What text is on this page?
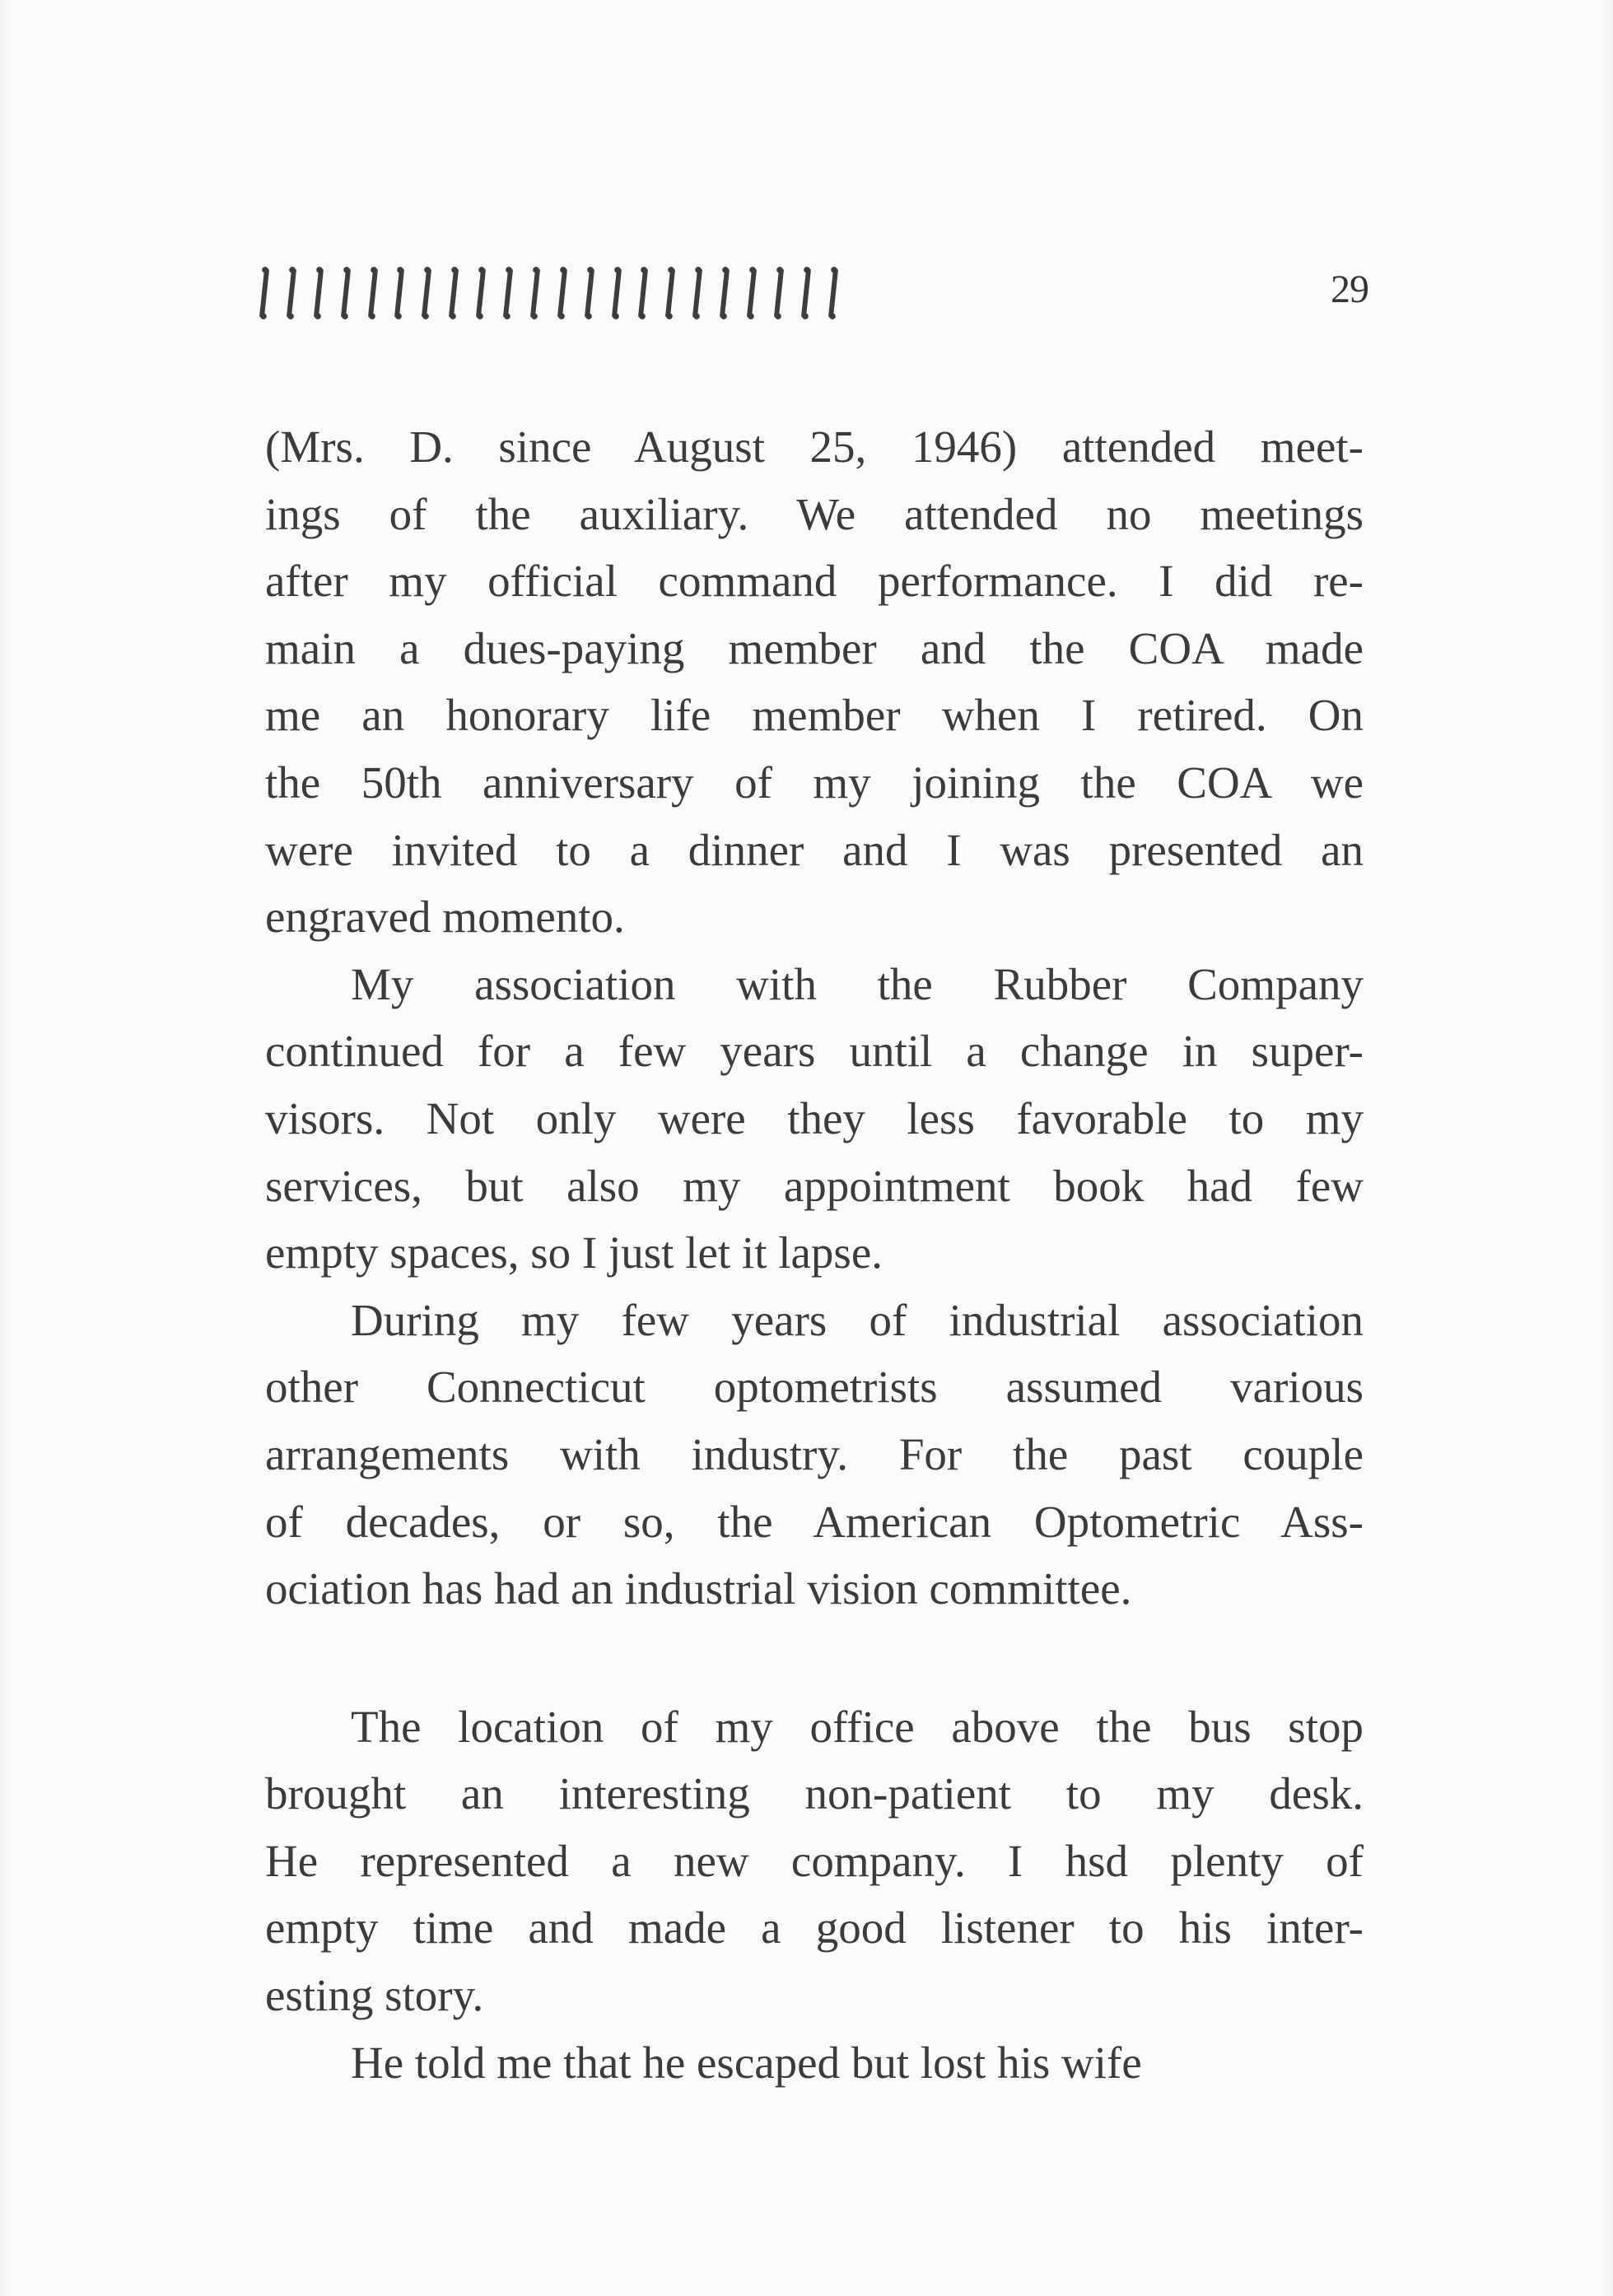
29
(Mrs. D. since August 25, 1946) attended meet-
ings of the auxiliary. We attended no meetings
after my official command performance. I did re-
main a dues-paying member and the COA made
me an honorary life member when I retired. On
the 50th anniversary of my joining the COA we
were invited to a dinner and I was presented an
engraved momento.
My association with the Rubber Company
continued for a few years until a change in super-
visors. Not only were they less favorable to my
services, but also my appointment book had few
empty spaces, so I just let it lapse.
During my few years of industrial association
other Connecticut optometrists assumed various
arrangements with industry. For the past couple
of decades, or so, the American Optometric Ass-
ociation has had an industrial vision committee.
The location of my office above the bus stop
brought an interesting non-patient to my desk.
He represented a new company. I hsd plenty of
empty time and made a good listener to his inter-
esting story.
He told me that he escaped but lost his wife
